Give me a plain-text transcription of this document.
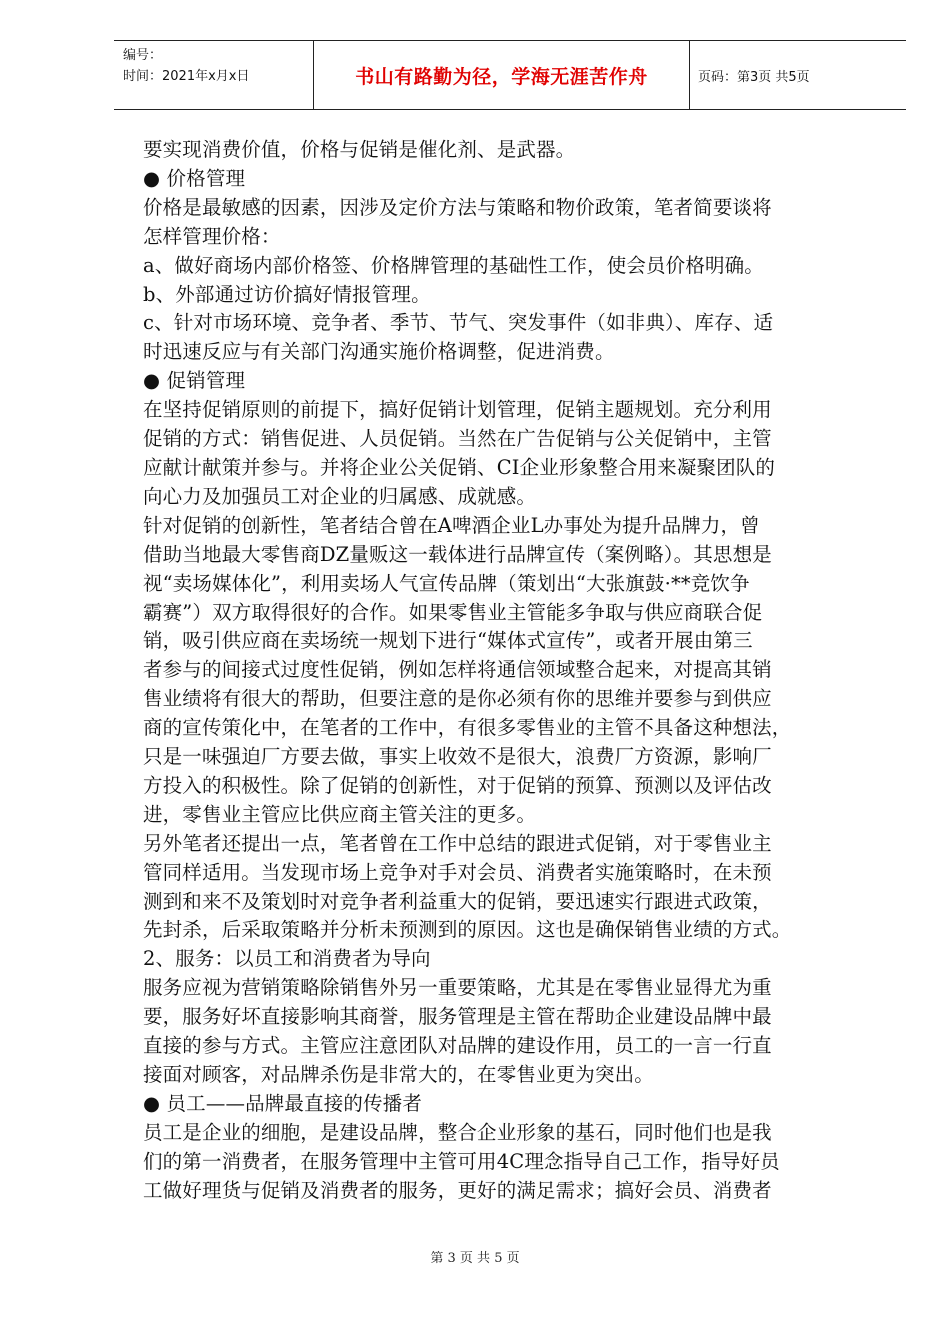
编号：
时间：2021年x月x日	书山有路勤为径，学海无涯苦作舟	页码：第3页 共5页

要实现消费价值，价格与促销是催化剂、是武器。

● 价格管理

价格是最敏感的因素，因涉及定价方法与策略和物价政策，笔者简要谈将

怎样管理价格：

a、做好商场内部价格签、价格牌管理的基础性工作，使会员价格明确。

b、外部通过访价搞好情报管理。

c、针对市场环境、竞争者、季节、节气、突发事件（如非典）、库存、适

时迅速反应与有关部门沟通实施价格调整，促进消费。

● 促销管理

在坚持促销原则的前提下，搞好促销计划管理，促销主题规划。充分利用

促销的方式：销售促进、人员促销。当然在广告促销与公关促销中，主管

应献计献策并参与。并将企业公关促销、CI企业形象整合用来凝聚团队的

向心力及加强员工对企业的归属感、成就感。

针对促销的创新性，笔者结合曾在A啤酒企业L办事处为提升品牌力，曾

借助当地最大零售商DZ量贩这一载体进行品牌宣传（案例略）。其思想是

视“卖场媒体化”，利用卖场人气宣传品牌（策划出“大张旗鼓·**竞饮争

霸赛”）双方取得很好的合作。如果零售业主管能多争取与供应商联合促

销，吸引供应商在卖场统一规划下进行“媒体式宣传”，或者开展由第三

者参与的间接式过度性促销，例如怎样将通信领域整合起来，对提高其销

售业绩将有很大的帮助，但要注意的是你必须有你的思维并要参与到供应

商的宣传策化中，在笔者的工作中，有很多零售业的主管不具备这种想法，

只是一味强迫厂方要去做，事实上收效不是很大，浪费厂方资源，影响厂

方投入的积极性。除了促销的创新性，对于促销的预算、预测以及评估改

进，零售业主管应比供应商主管关注的更多。

另外笔者还提出一点，笔者曾在工作中总结的跟进式促销，对于零售业主

管同样适用。当发现市场上竞争对手对会员、消费者实施策略时，在未预

测到和来不及策划时对竞争者利益重大的促销，要迅速实行跟进式政策，

先封杀，后采取策略并分析未预测到的原因。这也是确保销售业绩的方式。

2、服务：以员工和消费者为导向

服务应视为营销策略除销售外另一重要策略，尤其是在零售业显得尤为重

要，服务好坏直接影响其商誉，服务管理是主管在帮助企业建设品牌中最

直接的参与方式。主管应注意团队对品牌的建设作用，员工的一言一行直

接面对顾客，对品牌杀伤是非常大的，在零售业更为突出。

● 员工——品牌最直接的传播者

员工是企业的细胞，是建设品牌，整合企业形象的基石，同时他们也是我

们的第一消费者，在服务管理中主管可用4C理念指导自己工作，指导好员

工做好理货与促销及消费者的服务，更好的满足需求；搞好会员、消费者

第 3 页 共 5 页
